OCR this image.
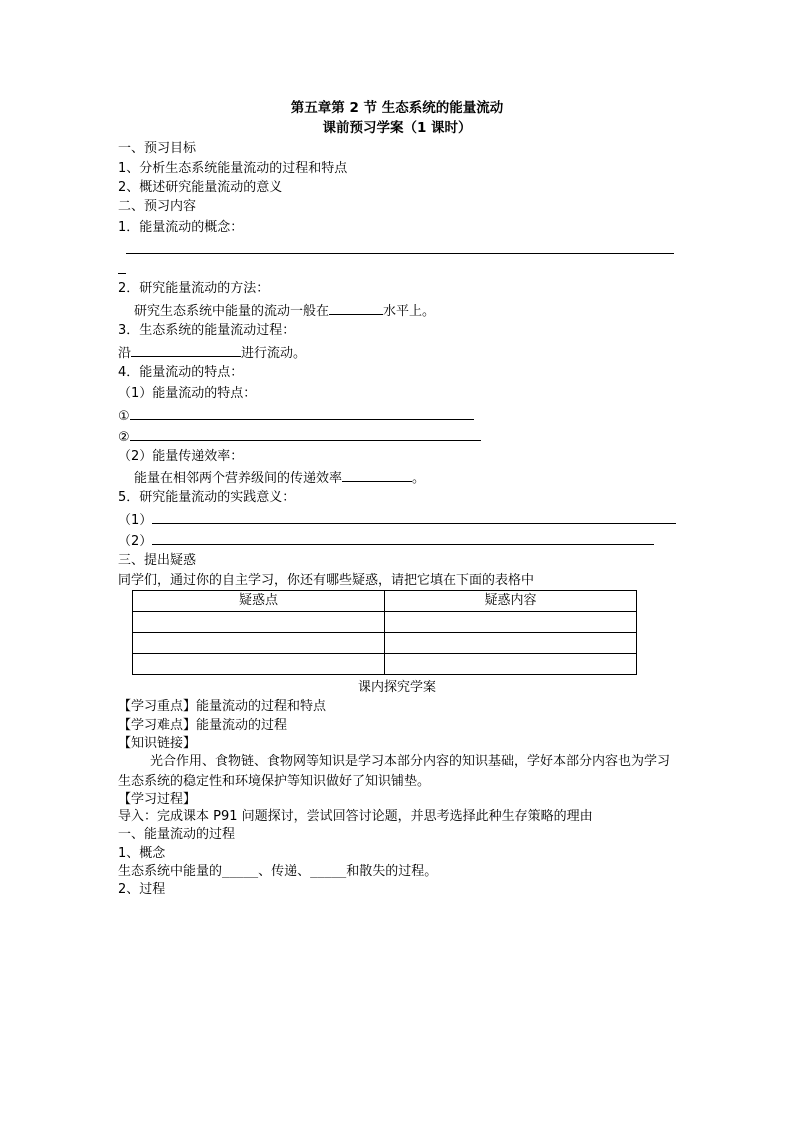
第五章第 2 节 生态系统的能量流动
课前预习学案（1 课时）
一、预习目标
1、分析生态系统能量流动的过程和特点
2、概述研究能量流动的意义
二、预习内容
1．能量流动的概念：
2．研究能量流动的方法：
研究生态系统中能量的流动一般在	水平上。
3．生态系统的能量流动过程：
沿	进行流动。
4．能量流动的特点：
（1）能量流动的特点：
①
②
（2）能量传递效率：
能量在相邻两个营养级间的传递效率	。
5．研究能量流动的实践意义：
（1）
（2）
三、提出疑惑
同学们，通过你的自主学习，你还有哪些疑惑，请把它填在下面的表格中
疑惑点	疑惑内容

课内探究学案
【学习重点】能量流动的过程和特点
【学习难点】能量流动的过程
【知识链接】
光合作用、食物链、食物网等知识是学习本部分内容的知识基础，学好本部分内容也为学习生态系统的稳定性和环境保护等知识做好了知识铺垫。
【学习过程】
导入：完成课本 P91 问题探讨，尝试回答讨论题，并思考选择此种生存策略的理由
一、能量流动的过程
1、概念
生态系统中能量的_____、传递、_____和散失的过程。
2、过程
